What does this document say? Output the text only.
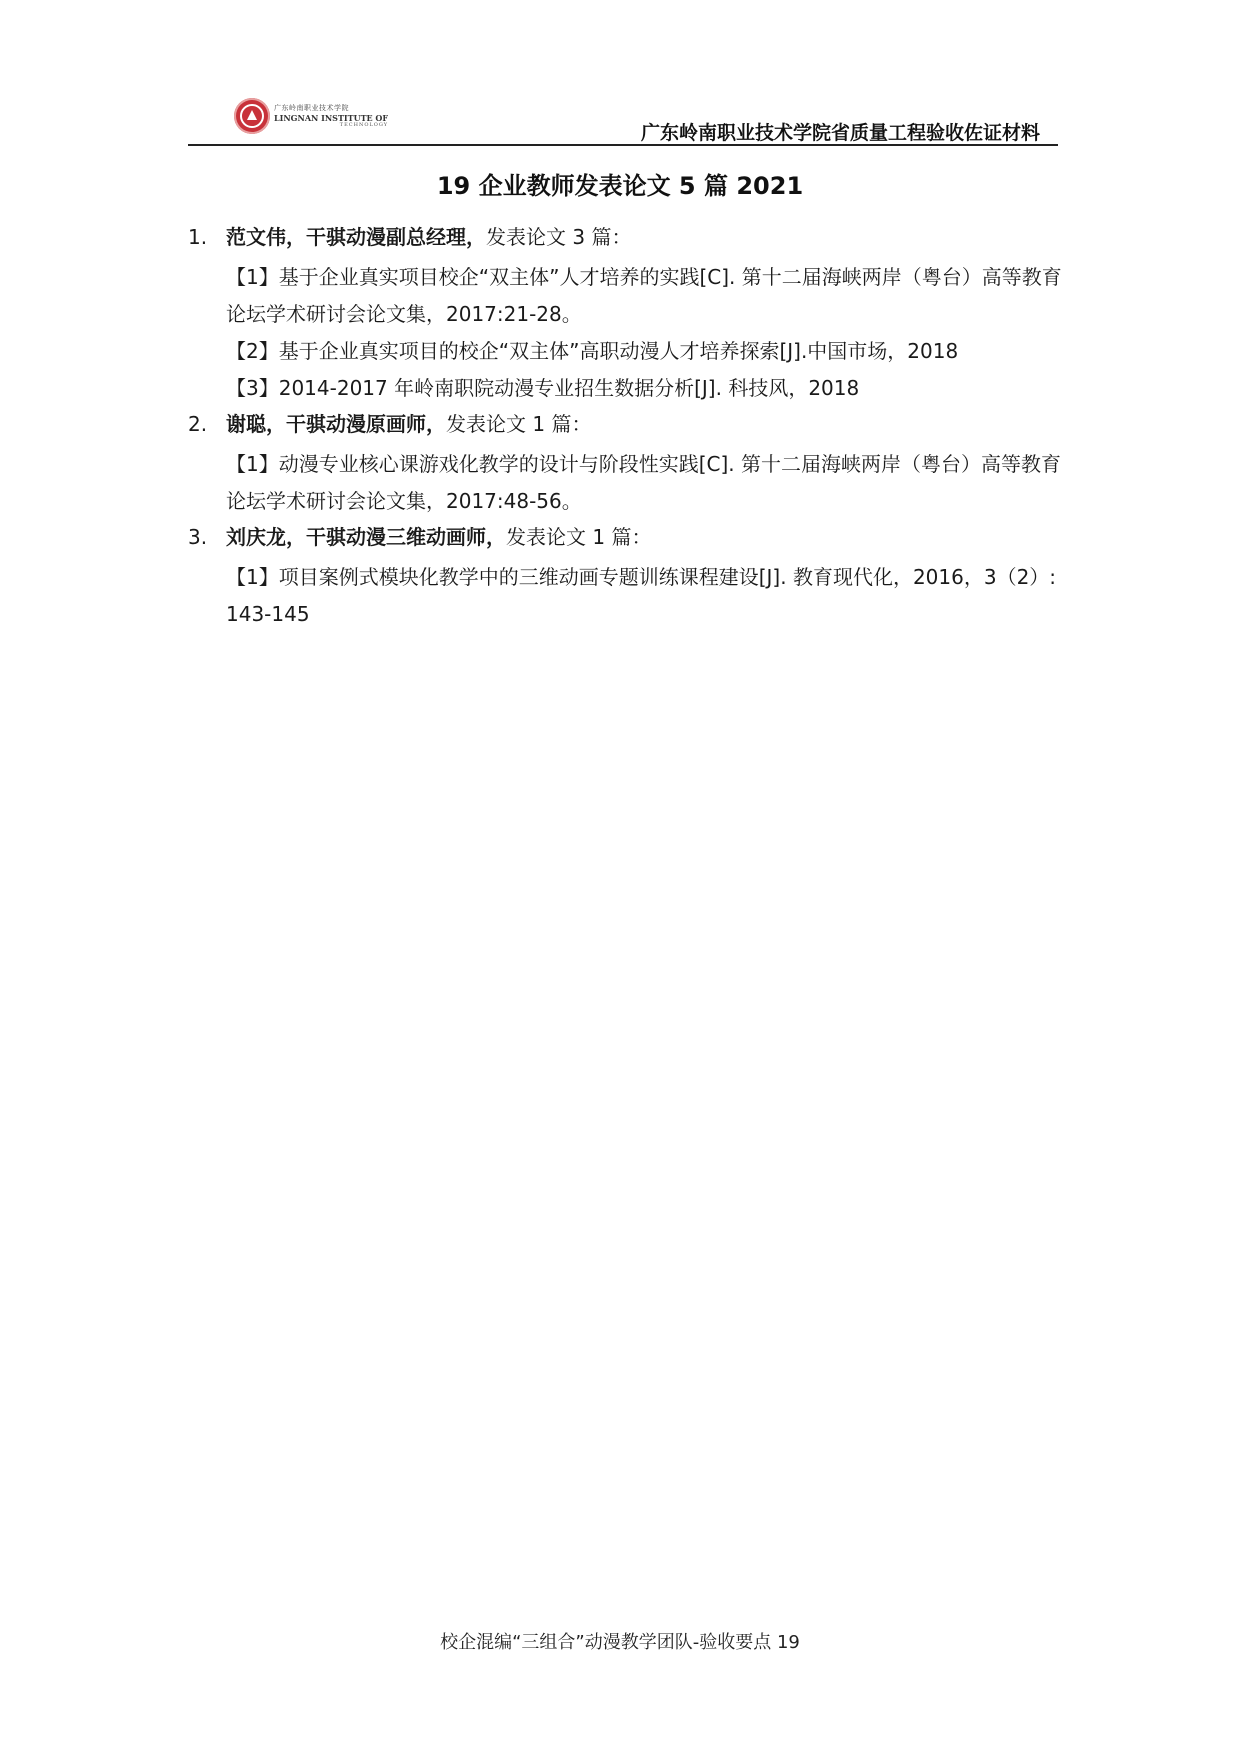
广东岭南职业技术学院
LINGNAN INSTITUTE OF
TECHNOLOGY	广东岭南职业技术学院省质量工程验收佐证材料
19 企业教师发表论文 5 篇 2021
1. 范文伟，干骐动漫副总经理，发表论文 3 篇：
【1】基于企业真实项目校企“双主体”人才培养的实践[C]. 第十二届海峡两岸（粤台）高等教育论坛学术研讨会论文集，2017:21-28。
【2】基于企业真实项目的校企“双主体”高职动漫人才培养探索[J].中国市场，2018
【3】2014-2017 年岭南职院动漫专业招生数据分析[J]. 科技风，2018
2. 谢聪，干骐动漫原画师，发表论文 1 篇：
【1】动漫专业核心课游戏化教学的设计与阶段性实践[C]. 第十二届海峡两岸（粤台）高等教育论坛学术研讨会论文集，2017:48-56。
3. 刘庆龙，干骐动漫三维动画师，发表论文 1 篇：
【1】项目案例式模块化教学中的三维动画专题训练课程建设[J]. 教育现代化，2016，3（2）: 143-145
校企混编“三组合”动漫教学团队-验收要点 19
